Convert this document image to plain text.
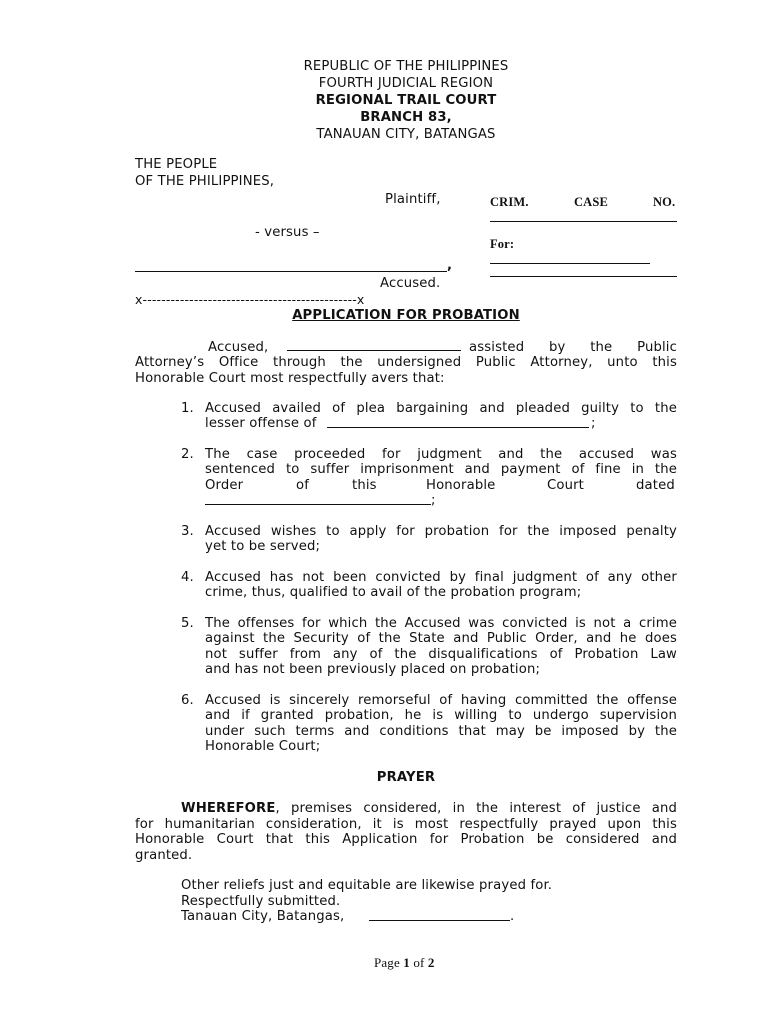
REPUBLIC OF THE PHILIPPINES
FOURTH JUDICIAL REGION
REGIONAL TRAIL COURT
BRANCH 83,
TANAUAN CITY, BATANGAS
THE PEOPLE
OF THE PHILIPPINES,
Plaintiff,
- versus –
,
Accused.
x----------------------------------------------x
CRIM.	CASE	NO.
For:
APPLICATION FOR PROBATION
Accused,	assisted by the Public
Attorney’s Office through the undersigned Public Attorney, unto this
Honorable Court most respectfully avers that:
1. Accused availed of plea bargaining and pleaded guilty to the
lesser offense of	;
2. The case proceeded for judgment and the accused was
sentenced to suffer imprisonment and payment of fine in the
Order	of	this	Honorable	Court	dated
;
3. Accused wishes to apply for probation for the imposed penalty
yet to be served;
4. Accused has not been convicted by final judgment of any other
crime, thus, qualified to avail of the probation program;
5. The offenses for which the Accused was convicted is not a crime
against the Security of the State and Public Order, and he does
not suffer from any of the disqualifications of Probation Law
and has not been previously placed on probation;
6. Accused is sincerely remorseful of having committed the offense
and if granted probation, he is willing to undergo supervision
under such terms and conditions that may be imposed by the
Honorable Court;
PRAYER
WHEREFORE, premises considered, in the interest of justice and
for humanitarian consideration, it is most respectfully prayed upon this
Honorable Court that this Application for Probation be considered and
granted.
Other reliefs just and equitable are likewise prayed for.
Respectfully submitted.
Tanauan City, Batangas,	.
Page 1 of 2
